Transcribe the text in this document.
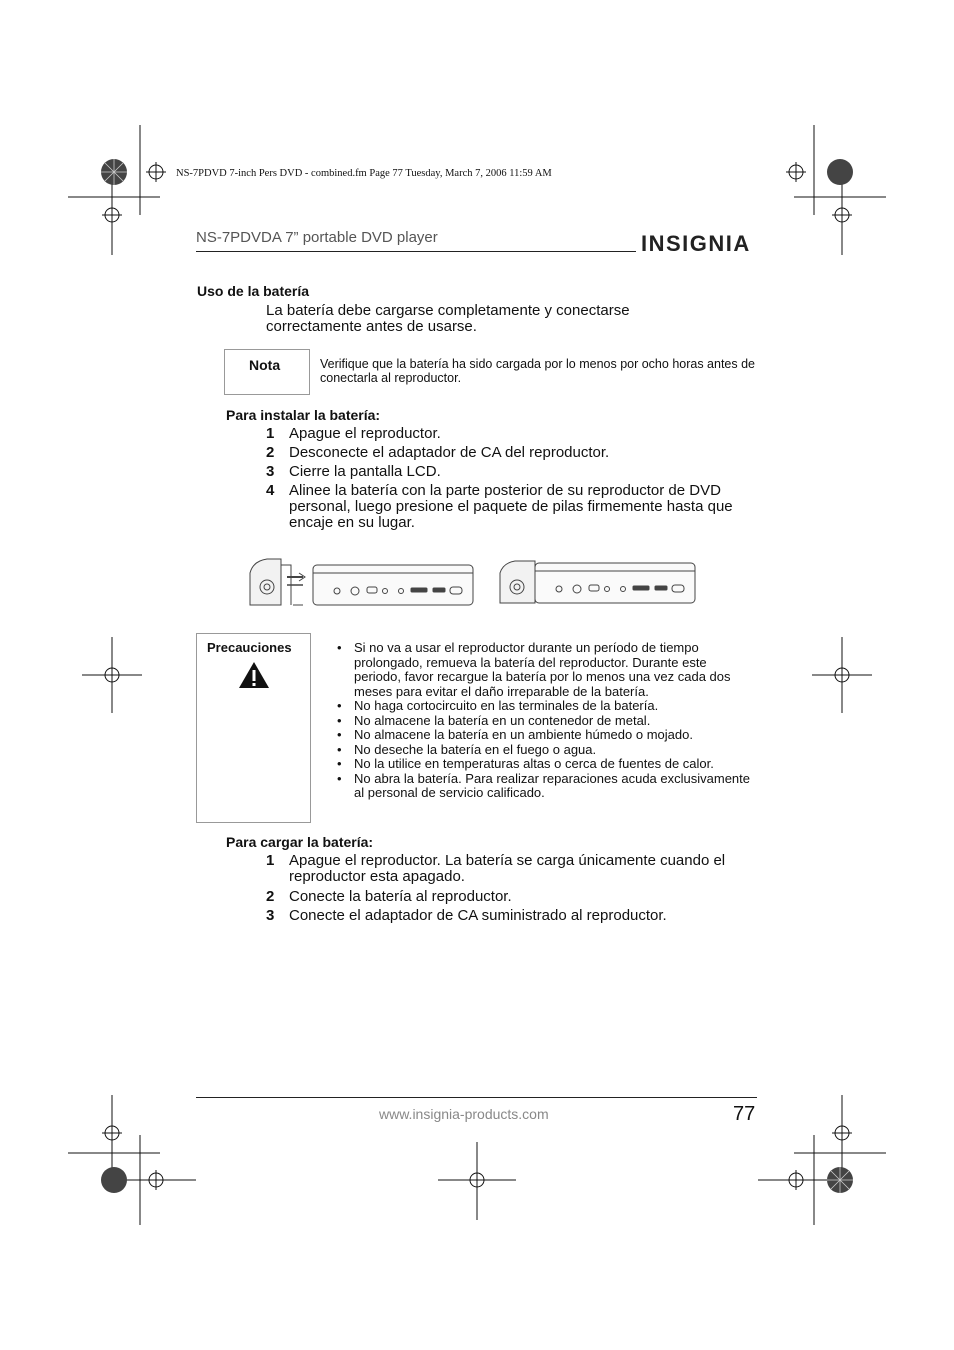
NS-7PDVD 7-inch Pers DVD - combined.fm Page 77 Tuesday, March 7, 2006 11:59 AM
NS-7PDVDA 7” portable DVD player	INSIGNIA
Uso de la batería
La batería debe cargarse completamente y conectarse correctamente antes de usarse.
Nota	Verifique que la batería ha sido cargada por lo menos por ocho horas antes de conectarla al reproductor.
Para instalar la batería:
1 Apague el reproductor.
2 Desconecte el adaptador de CA del reproductor.
3 Cierre la pantalla LCD.
4 Alinee la batería con la parte posterior de su reproductor de DVD personal, luego presione el paquete de pilas firmemente hasta que encaje en su lugar.
Precauciones
•	Si no va a usar el reproductor durante un período de tiempo prolongado, remueva la batería del reproductor. Durante este periodo, favor recargue la batería por lo menos una vez cada dos meses para evitar el daño irreparable de la batería.
• No haga cortocircuito en las terminales de la batería.
• No almacene la batería en un contenedor de metal.
• No almacene la batería en un ambiente húmedo o mojado.
• No deseche la batería en el fuego o agua.
• No la utilice en temperaturas altas o cerca de fuentes de calor.
• No abra la batería. Para realizar reparaciones acuda exclusivamente al personal de servicio calificado.
Para cargar la batería:
1 Apague el reproductor. La batería se carga únicamente cuando el reproductor esta apagado.
2 Conecte la batería al reproductor.
3 Conecte el adaptador de CA suministrado al reproductor.
www.insignia-products.com	77
